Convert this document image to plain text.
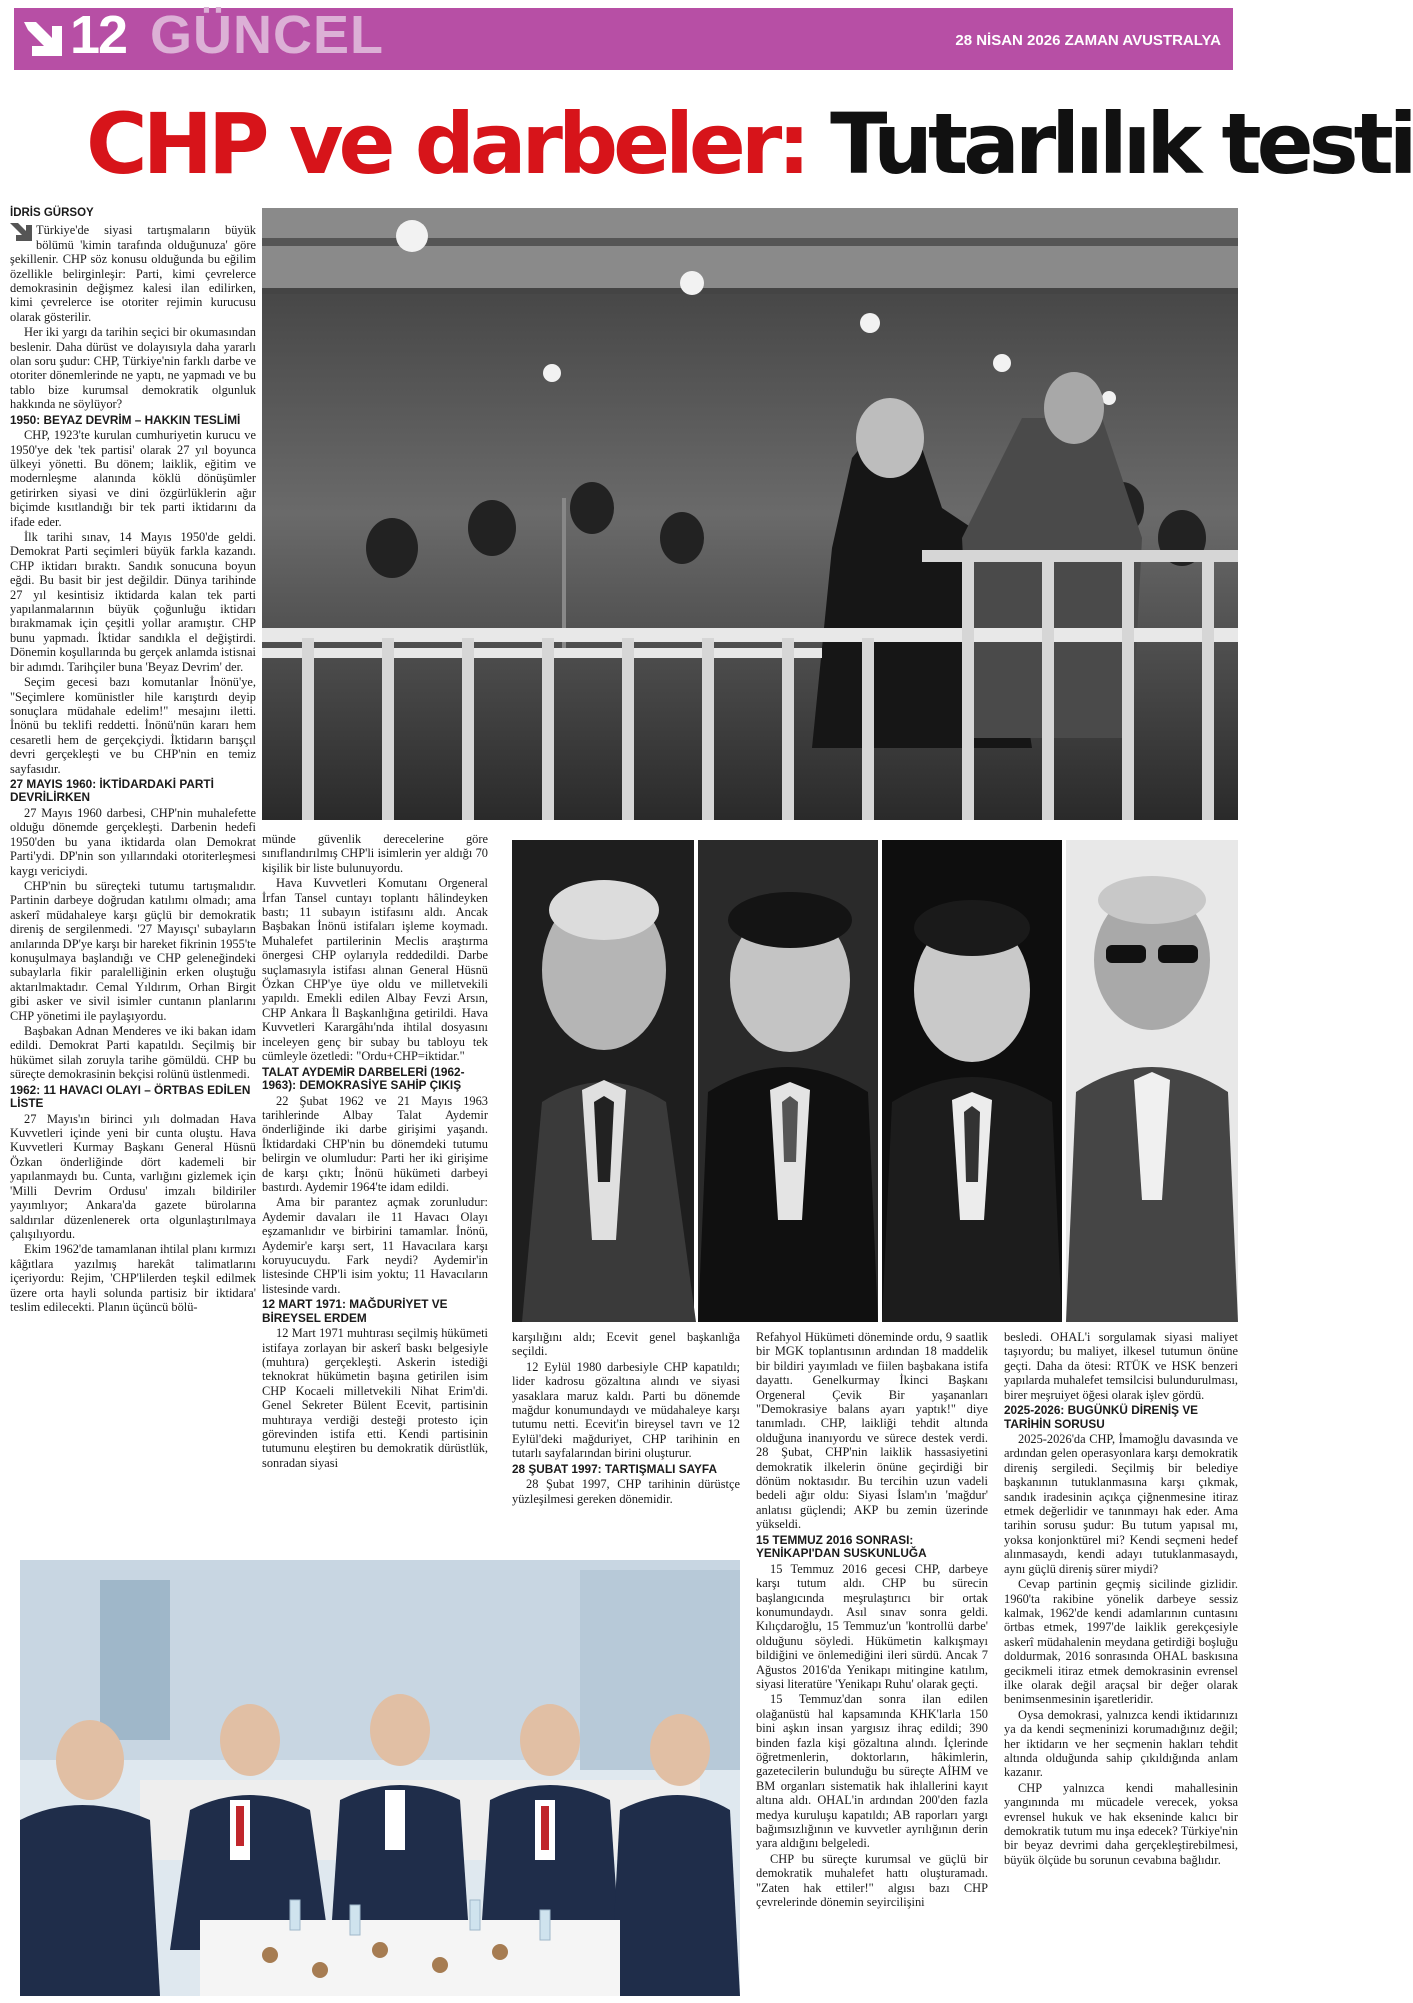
12 GÜNCEL	28 NİSAN 2026 ZAMAN AVUSTRALYA
CHP ve darbeler: Tutarlılık testi
İDRİS GÜRSOY

Türkiye'de siyasi tartışmaların büyük bölümü 'kimin tarafında olduğunuza' göre şekillenir. CHP söz konusu olduğunda bu eğilim özellikle belirginleşir: Parti, kimi çevrelerce demokrasinin değişmez kalesi ilan edilirken, kimi çevrelerce ise otoriter rejimin kurucusu olarak gösterilir.

Her iki yargı da tarihin seçici bir okumasından beslenir. Daha dürüst ve dolayısıyla daha yararlı olan soru şudur: CHP, Türkiye'nin farklı darbe ve otoriter dönemlerinde ne yaptı, ne yapmadı ve bu tablo bize kurumsal demokratik olgunluk hakkında ne söylüyor?

1950: BEYAZ DEVRİM – HAKKIN TESLİMİ

CHP, 1923'te kurulan cumhuriyetin kurucu ve 1950'ye dek 'tek partisi' olarak 27 yıl boyunca ülkeyi yönetti. Bu dönem; laiklik, eğitim ve modernleşme alanında köklü dönüşümler getirirken siyasi ve dini özgürlüklerin ağır biçimde kısıtlandığı bir tek parti iktidarını da ifade eder.

İlk tarihi sınav, 14 Mayıs 1950'de geldi. Demokrat Parti seçimleri büyük farkla kazandı. CHP iktidarı bıraktı. Sandık sonucuna boyun eğdi. Bu basit bir jest değildir. Dünya tarihinde 27 yıl kesintisiz iktidarda kalan tek parti yapılanmalarının büyük çoğunluğu iktidarı bırakmamak için çeşitli yollar aramıştır. CHP bunu yapmadı. İktidar sandıkla el değiştirdi. Dönemin koşullarında bu gerçek anlamda istisnai bir adımdı. Tarihçiler buna 'Beyaz Devrim' der.

Seçim gecesi bazı komutanlar İnönü'ye, "Seçimlere komünistler hile karıştırdı deyip sonuçlara müdahale edelim!" mesajını iletti. İnönü bu teklifi reddetti. İnönü'nün kararı hem cesaretli hem de gerçekçiydi. İktidarın barışçıl devri gerçekleşti ve bu CHP'nin en temiz sayfasıdır.

27 MAYIS 1960: İKTİDARDAKİ PARTİ DEVRİLİRKEN

27 Mayıs 1960 darbesi, CHP'nin muhalefette olduğu dönemde gerçekleşti. Darbenin hedefi 1950'den bu yana iktidarda olan Demokrat Parti'ydi. DP'nin son yıllarındaki otoriterleşmesi kaygı vericiydi.

CHP'nin bu süreçteki tutumu tartışmalıdır. Partinin darbeye doğrudan katılımı olmadı; ama askerî müdahaleye karşı güçlü bir demokratik direniş de sergilenmedi. '27 Mayısçı' subayların anılarında DP'ye karşı bir hareket fikrinin 1955'te konuşulmaya başlandığı ve CHP geleneğindeki subaylarla fikir paralelliğinin erken oluştuğu aktarılmaktadır. Cemal Yıldırım, Orhan Birgit gibi asker ve sivil isimler cuntanın planlarını CHP yönetimi ile paylaşıyordu.

Başbakan Adnan Menderes ve iki bakan idam edildi. Demokrat Parti kapatıldı. Seçilmiş bir hükümet silah zoruyla tarihe gömüldü. CHP bu süreçte demokrasinin bekçisi rolünü üstlenmedi.

1962: 11 HAVACI OLAYI – ÖRTBAS EDİLEN LİSTE

27 Mayıs'ın birinci yılı dolmadan Hava Kuvvetleri içinde yeni bir cunta oluştu. Hava Kuvvetleri Kurmay Başkanı General Hüsnü Özkan önderliğinde dört kademeli bir yapılanmaydı bu. Cunta, varlığını gizlemek için 'Milli Devrim Ordusu' imzalı bildiriler yayımlıyor; Ankara'da gazete bürolarına saldırılar düzenlenerek orta olgunlaştırılmaya çalışılıyordu.

Ekim 1962'de tamamlanan ihtilal planı kırmızı kâğıtlara yazılmış harekât talimatlarını içeriyordu: Rejim, 'CHP'lilerden teşkil edilmek üzere orta hayli solunda partisiz bir iktidara' teslim edilecekti. Planın üçüncü bölü-

münde güvenlik derecelerine göre sınıflandırılmış CHP'li isimlerin yer aldığı 70 kişilik bir liste bulunuyordu.

Hava Kuvvetleri Komutanı Orgeneral İrfan Tansel cuntayı toplantı hâlindeyken bastı; 11 subayın istifasını aldı. Ancak Başbakan İnönü istifaları işleme koymadı. Muhalefet partilerinin Meclis araştırma önergesi CHP oylarıyla reddedildi. Darbe suçlamasıyla istifası alınan General Hüsnü Özkan CHP'ye üye oldu ve milletvekili yapıldı. Emekli edilen Albay Fevzi Arsın, CHP Ankara İl Başkanlığına getirildi. Hava Kuvvetleri Karargâhı'nda ihtilal dosyasını inceleyen genç bir subay bu tabloyu tek cümleyle özetledi: "Ordu+CHP=iktidar."

TALAT AYDEMİR DARBELERİ (1962-1963): DEMOKRASİYE SAHİP ÇIKIŞ

22 Şubat 1962 ve 21 Mayıs 1963 tarihlerinde Albay Talat Aydemir önderliğinde iki darbe girişimi yaşandı. İktidardaki CHP'nin bu dönemdeki tutumu belirgin ve olumludur: Parti her iki girişime de karşı çıktı; İnönü hükümeti darbeyi bastırdı. Aydemir 1964'te idam edildi.

Ama bir parantez açmak zorunludur: Aydemir davaları ile 11 Havacı Olayı eşzamanlıdır ve birbirini tamamlar. İnönü, Aydemir'e karşı sert, 11 Havacılara karşı koruyucuydu. Fark neydi? Aydemir'in listesinde CHP'li isim yoktu; 11 Havacıların listesinde vardı.

12 MART 1971: MAĞDURİYET VE BİREYSEL ERDEM

12 Mart 1971 muhtırası seçilmiş hükümeti istifaya zorlayan bir askerî baskı belgesiyle (muhtıra) gerçekleşti. Askerin istediği teknokrat hükümetin başına getirilen isim CHP Kocaeli milletvekili Nihat Erim'di. Genel Sekreter Bülent Ecevit, partisinin muhtıraya verdiği desteği protesto için görevinden istifa etti. Kendi partisinin tutumunu eleştiren bu demokratik dürüstlük, sonradan siyasi

karşılığını aldı; Ecevit genel başkanlığa seçildi.

12 Eylül 1980 darbesiyle CHP kapatıldı; lider kadrosu gözaltına alındı ve siyasi yasaklara maruz kaldı. Parti bu dönemde mağdur konumundaydı ve müdahaleye karşı tutumu netti. Ecevit'in bireysel tavrı ve 12 Eylül'deki mağduriyet, CHP tarihinin en tutarlı sayfalarından birini oluşturur.

28 ŞUBAT 1997: TARTIŞMALI SAYFA

28 Şubat 1997, CHP tarihinin dürüstçe yüzleşilmesi gereken dönemidir.

Refahyol Hükümeti döneminde ordu, 9 saatlik bir MGK toplantısının ardından 18 maddelik bir bildiri yayımladı ve fiilen başbakana istifa dayattı. Genelkurmay İkinci Başkanı Orgeneral Çevik Bir yaşananları "Demokrasiye balans ayarı yaptık!" diye tanımladı. CHP, laikliği tehdit altında olduğuna inanıyordu ve sürece destek verdi. 28 Şubat, CHP'nin laiklik hassasiyetini demokratik ilkelerin önüne geçirdiği bir dönüm noktasıdır. Bu tercihin uzun vadeli bedeli ağır oldu: Siyasi İslam'ın 'mağdur' anlatısı güçlendi; AKP bu zemin üzerinde yükseldi.

15 TEMMUZ 2016 SONRASI: YENİKAPI'DAN SUSKUNLUĞA

15 Temmuz 2016 gecesi CHP, darbeye karşı tutum aldı. CHP bu sürecin başlangıcında meşrulaştırıcı bir ortak konumundaydı. Asıl sınav sonra geldi. Kılıçdaroğlu, 15 Temmuz'un 'kontrollü darbe' olduğunu söyledi. Hükümetin kalkışmayı bildiğini ve önlemediğini ileri sürdü. Ancak 7 Ağustos 2016'da Yenikapı mitingine katılım, siyasi literatüre 'Yenikapı Ruhu' olarak geçti.

15 Temmuz'dan sonra ilan edilen olağanüstü hal kapsamında KHK'larla 150 bini aşkın insan yargısız ihraç edildi; 390 binden fazla kişi gözaltına alındı. İçlerinde öğretmenlerin, doktorların, hâkimlerin, gazetecilerin bulunduğu bu süreçte AİHM ve BM organları sistematik hak ihlallerini kayıt altına aldı. OHAL'in ardından 200'den fazla medya kuruluşu kapatıldı; AB raporları yargı bağımsızlığının ve kuvvetler ayrılığının derin yara aldığını belgeledi.

CHP bu süreçte kurumsal ve güçlü bir demokratik muhalefet hattı oluşturamadı. "Zaten hak ettiler!" algısı bazı CHP çevrelerinde dönemin seyircilişini

besledi. OHAL'i sorgulamak siyasi maliyet taşıyordu; bu maliyet, ilkesel tutumun önüne geçti. Daha da ötesi: RTÜK ve HSK benzeri yapılarda muhalefet temsilcisi bulundurulması, birer meşruiyet öğesi olarak işlev gördü.

2025-2026: BUGÜNKÜ DİRENİŞ VE TARİHİN SORUSU

2025-2026'da CHP, İmamoğlu davasında ve ardından gelen operasyonlara karşı demokratik direniş sergiledi. Seçilmiş bir belediye başkanının tutuklanmasına karşı çıkmak, sandık iradesinin açıkça çiğnenmesine itiraz etmek değerlidir ve tanınmayı hak eder. Ama tarihin sorusu şudur: Bu tutum yapısal mı, yoksa konjonktürel mi? Kendi seçmeni hedef alınmasaydı, kendi adayı tutuklanmasaydı, aynı güçlü direniş sürer miydi?

Cevap partinin geçmiş sicilinde gizlidir. 1960'ta rakibine yönelik darbeye sessiz kalmak, 1962'de kendi adamlarının cuntasını örtbas etmek, 1997'de laiklik gerekçesiyle askerî müdahalenin meydana getirdiği boşluğu doldurmak, 2016 sonrasında OHAL baskısına gecikmeli itiraz etmek demokrasinin evrensel ilke olarak değil araçsal bir değer olarak benimsenmesinin işaretleridir.

Oysa demokrasi, yalnızca kendi iktidarınızı ya da kendi seçmeninizi korumadığınız değil; her iktidarın ve her seçmenin hakları tehdit altında olduğunda sahip çıkıldığında anlam kazanır.

CHP yalnızca kendi mahallesinin yangınında mı mücadele verecek, yoksa evrensel hukuk ve hak ekseninde kalıcı bir demokratik tutum mu inşa edecek? Türkiye'nin bir beyaz devrimi daha gerçekleştirebilmesi, büyük ölçüde bu sorunun cevabına bağlıdır.
